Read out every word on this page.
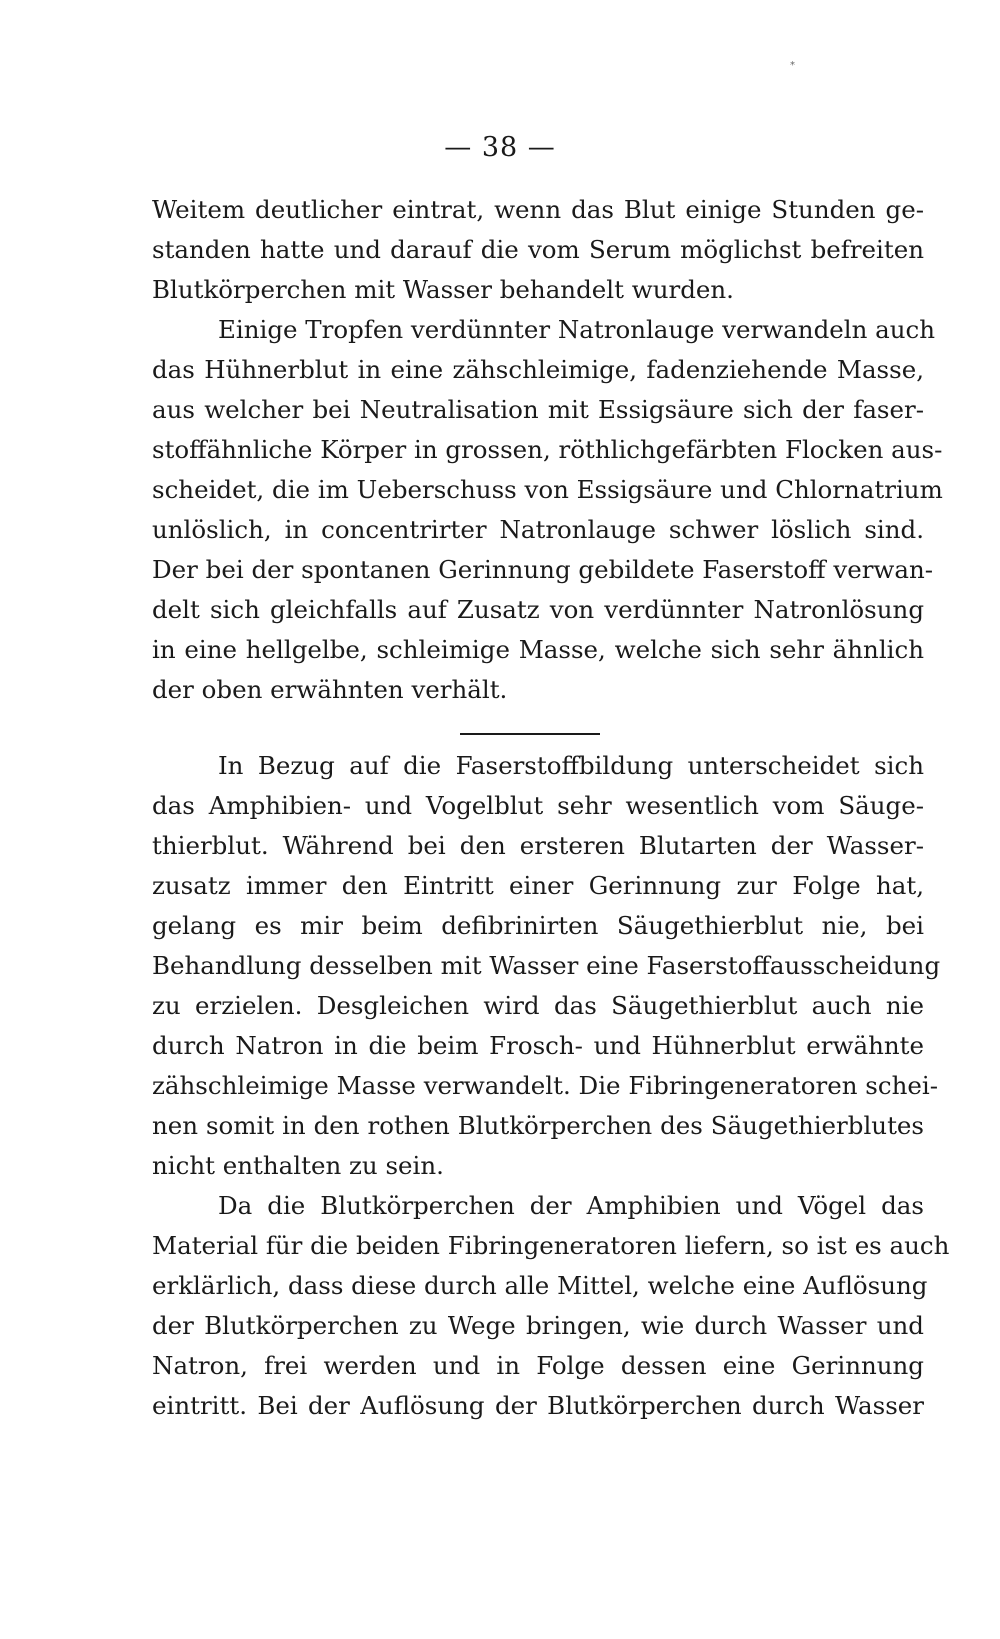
*
— 38 —
Weitem deutlicher eintrat, wenn das Blut einige Stunden ge-
standen hatte und darauf die vom Serum möglichst befreiten
Blutkörperchen mit Wasser behandelt wurden.
Einige Tropfen verdünnter Natronlauge verwandeln auch
das Hühnerblut in eine zähschleimige, fadenziehende Masse,
aus welcher bei Neutralisation mit Essigsäure sich der faser-
stoffähnliche Körper in grossen, röthlichgefärbten Flocken aus-
scheidet, die im Ueberschuss von Essigsäure und Chlornatrium
unlöslich, in concentrirter Natronlauge schwer löslich sind.
Der bei der spontanen Gerinnung gebildete Faserstoff verwan-
delt sich gleichfalls auf Zusatz von verdünnter Natronlösung
in eine hellgelbe, schleimige Masse, welche sich sehr ähnlich
der oben erwähnten verhält.
In Bezug auf die Faserstoffbildung unterscheidet sich
das Amphibien- und Vogelblut sehr wesentlich vom Säuge-
thierblut. Während bei den ersteren Blutarten der Wasser-
zusatz immer den Eintritt einer Gerinnung zur Folge hat,
gelang es mir beim defibrinirten Säugethierblut nie, bei
Behandlung desselben mit Wasser eine Faserstoffausscheidung
zu erzielen. Desgleichen wird das Säugethierblut auch nie
durch Natron in die beim Frosch- und Hühnerblut erwähnte
zähschleimige Masse verwandelt. Die Fibringeneratoren schei-
nen somit in den rothen Blutkörperchen des Säugethierblutes
nicht enthalten zu sein.
Da die Blutkörperchen der Amphibien und Vögel das
Material für die beiden Fibringeneratoren liefern, so ist es auch
erklärlich, dass diese durch alle Mittel, welche eine Auflösung
der Blutkörperchen zu Wege bringen, wie durch Wasser und
Natron, frei werden und in Folge dessen eine Gerinnung
eintritt. Bei der Auflösung der Blutkörperchen durch Wasser
